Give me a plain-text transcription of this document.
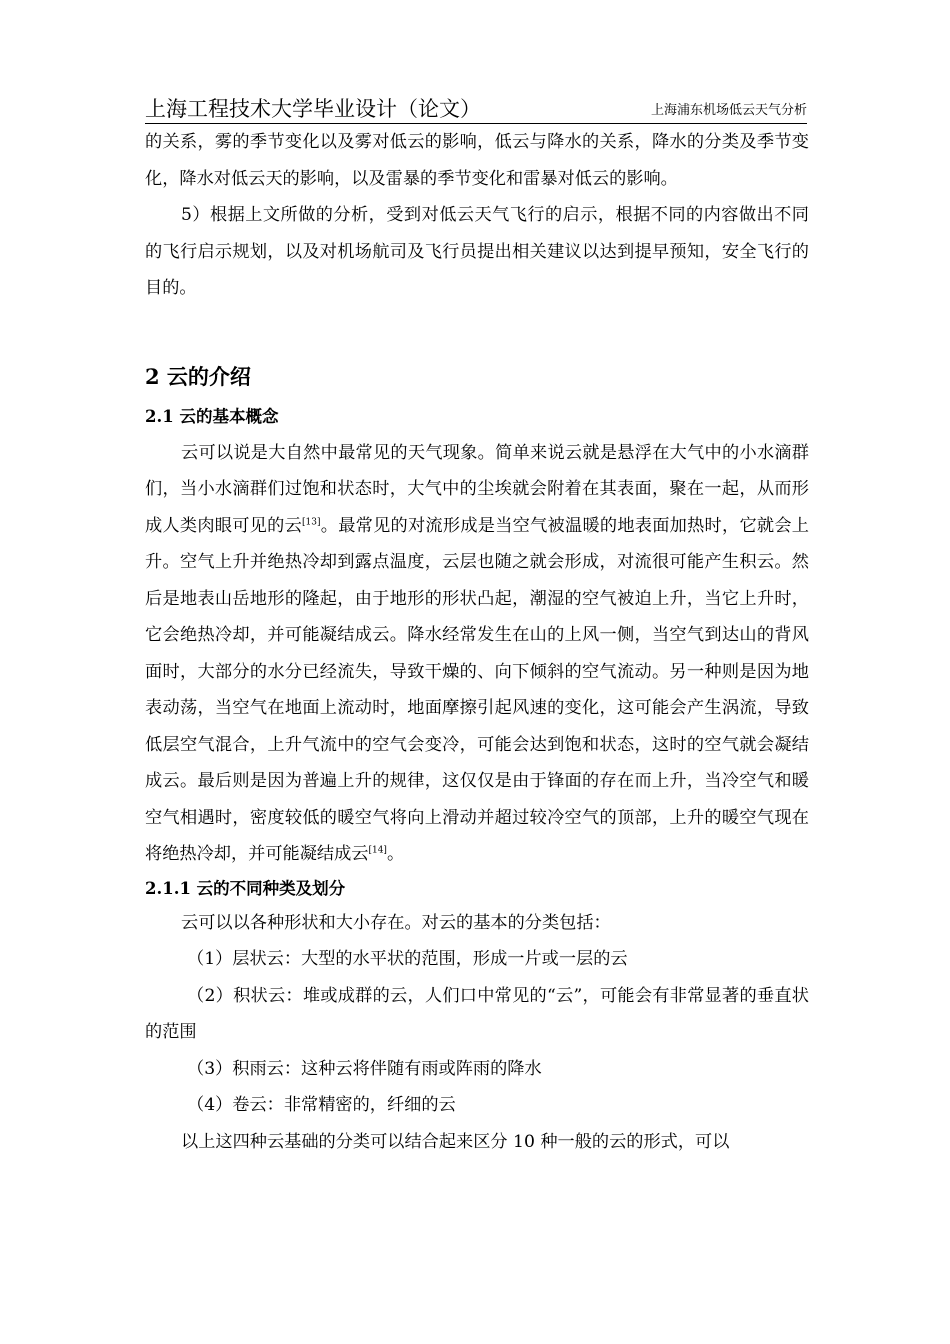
上海工程技术大学毕业设计（论文）	上海浦东机场低云天气分析

的关系，雾的季节变化以及雾对低云的影响，低云与降水的关系，降水的分类及季节变化，降水对低云天的影响，以及雷暴的季节变化和雷暴对低云的影响。

5）根据上文所做的分析，受到对低云天气飞行的启示，根据不同的内容做出不同的飞行启示规划，以及对机场航司及飞行员提出相关建议以达到提早预知，安全飞行的目的。

2 云的介绍
2.1 云的基本概念

云可以说是大自然中最常见的天气现象。简单来说云就是悬浮在大气中的小水滴群们，当小水滴群们过饱和状态时，大气中的尘埃就会附着在其表面，聚在一起，从而形成人类肉眼可见的云[13]。最常见的对流形成是当空气被温暖的地表面加热时，它就会上升。空气上升并绝热冷却到露点温度，云层也随之就会形成，对流很可能产生积云。然后是地表山岳地形的隆起，由于地形的形状凸起，潮湿的空气被迫上升，当它上升时，它会绝热冷却，并可能凝结成云。降水经常发生在山的上风一侧，当空气到达山的背风面时，大部分的水分已经流失，导致干燥的、向下倾斜的空气流动。另一种则是因为地表动荡，当空气在地面上流动时，地面摩擦引起风速的变化，这可能会产生涡流，导致低层空气混合，上升气流中的空气会变冷，可能会达到饱和状态，这时的空气就会凝结成云。最后则是因为普遍上升的规律，这仅仅是由于锋面的存在而上升，当冷空气和暖空气相遇时，密度较低的暖空气将向上滑动并超过较冷空气的顶部，上升的暖空气现在将绝热冷却，并可能凝结成云[14]。

2.1.1 云的不同种类及划分

云可以以各种形状和大小存在。对云的基本的分类包括：

（1）层状云：大型的水平状的范围，形成一片或一层的云

（2）积状云：堆或成群的云，人们口中常见的“云”，可能会有非常显著的垂直状的范围

（3）积雨云：这种云将伴随有雨或阵雨的降水

（4）卷云：非常精密的，纤细的云

以上这四种云基础的分类可以结合起来区分 10 种一般的云的形式，可以
